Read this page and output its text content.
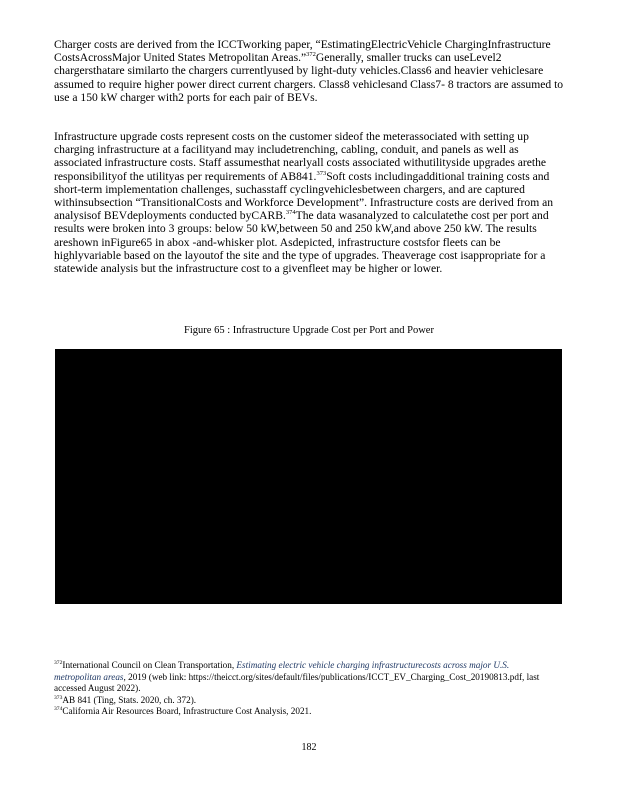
Charger costs are derived from the ICCTworking paper, “EstimatingElectricVehicle ChargingInfrastructure CostsAcrossMajor United States Metropolitan Areas.”$^{372}$Generally, smaller trucks can useLevel2 chargersthatare similarto the chargers currentlyused by light-duty vehicles.Class6 and heavier vehiclesare assumed to require higher power direct current chargers. Class8 vehiclesand Class7- 8 tractors are assumed to use a 150 kW charger with2 ports for each pair of BEVs.

Infrastructure upgrade costs represent costs on the customer sideof the meterassociated with setting up charging infrastructure at a facilityand may includetrenching, cabling, conduit, and panels as well as associated infrastructure costs. Staff assumesthat nearlyall costs associated withutilityside upgrades arethe responsibilityof the utilityas per requirements of AB841.$^{373}$Soft costs includingadditional training costs and short-term implementation challenges, suchasstaff cyclingvehiclesbetween chargers, and are captured withinsubsection “TransitionalCosts and Workforce Development”. Infrastructure costs are derived from an analysisof BEVdeployments conducted byCARB.$^{374}$The data wasanalyzed to calculatethe cost per port and results were broken into 3 groups: below 50 kW,between 50 and 250 kW,and above 250 kW. The results areshown inFigure65 in abox -and-whisker plot. Asdepicted, infrastructure costsfor fleets can be highlyvariable based on the layoutof the site and the type of upgrades. Theaverage cost isappropriate for a statewide analysis but the infrastructure cost to a givenfleet may be higher or lower.

Figure 65 : Infrastructure Upgrade Cost per Port and Power

$^{372}$International Council on Clean Transportation, Estimating electric vehicle charging infrastructurecosts across major U.S. metropolitan areas, 2019 (web link: https://theicct.org/sites/default/files/publications/ICCT_EV_Charging_Cost_20190813.pdf, last accessed August 2022).

$^{373}$AB 841 (Ting, Stats. 2020, ch. 372).

$^{374}$California Air Resources Board, Infrastructure Cost Analysis, 2021.

182
